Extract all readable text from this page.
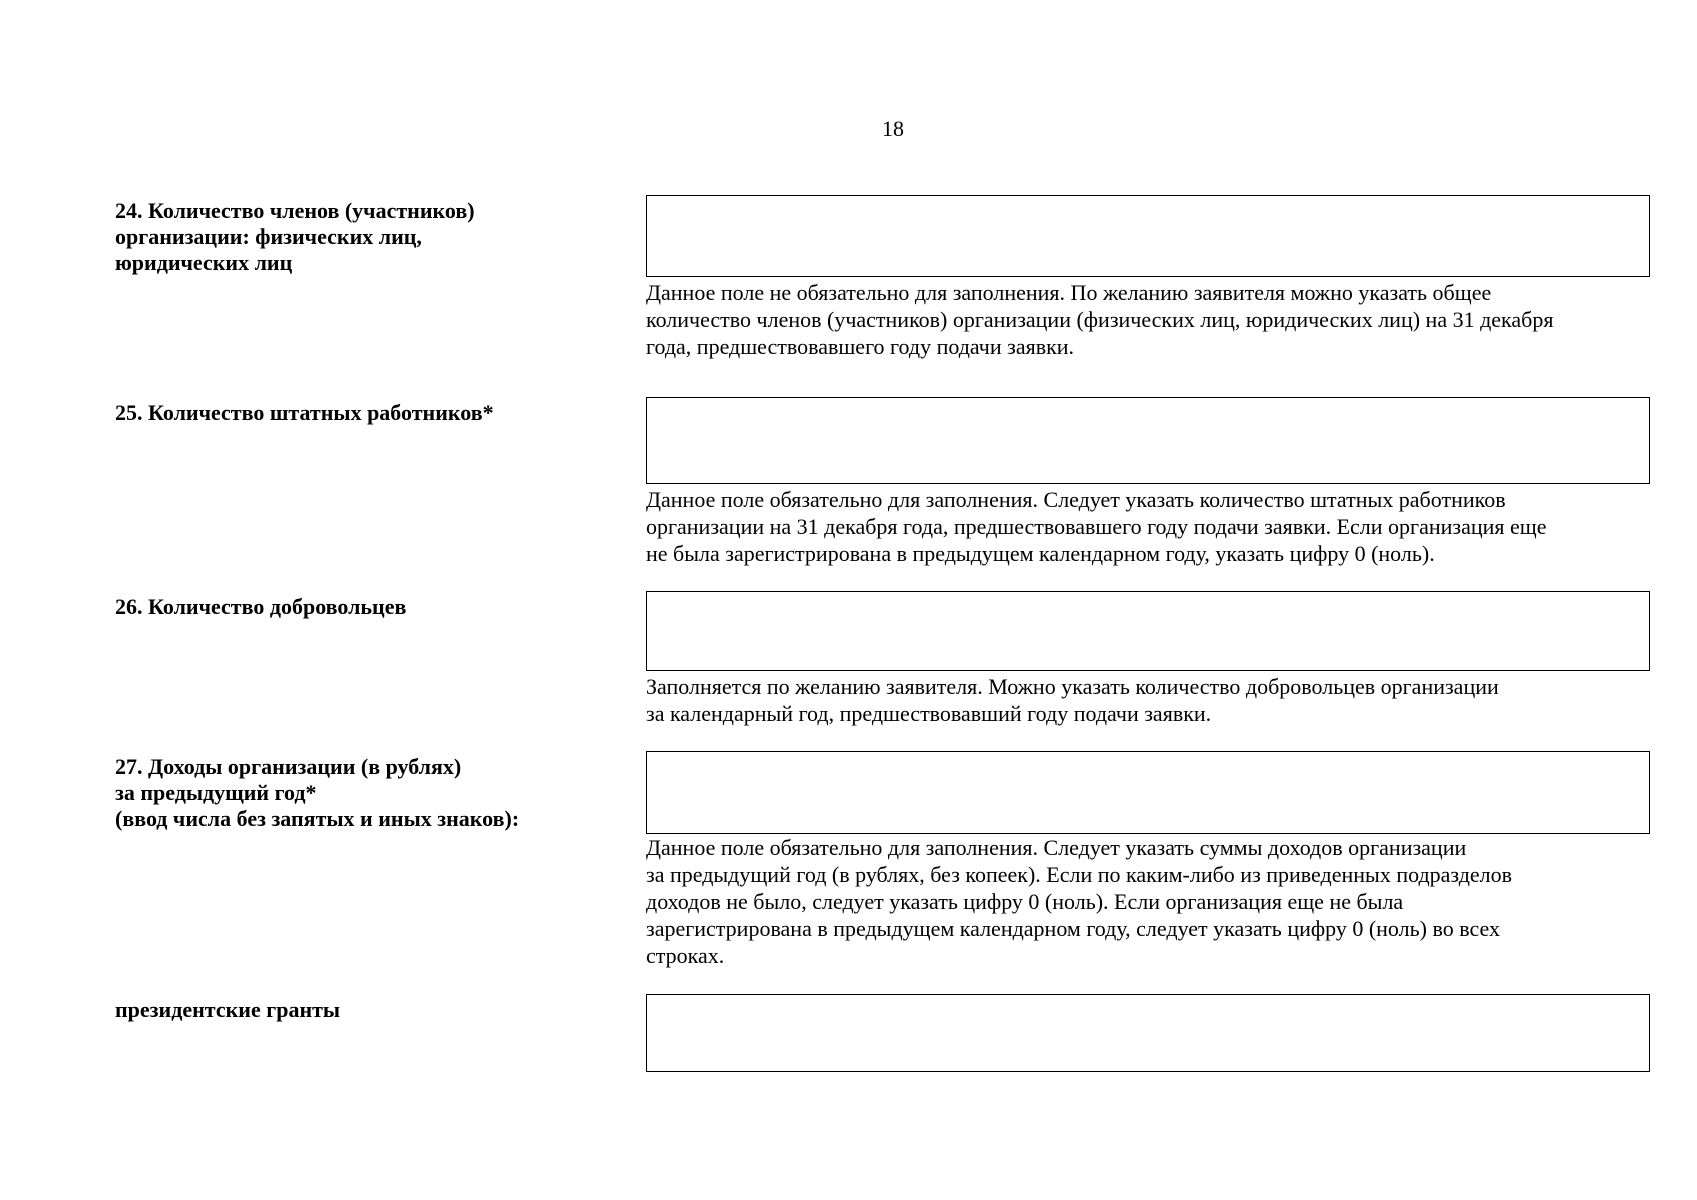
18
24. Количество членов (участников)
организации: физических лиц,
юридических лиц
Данное поле не обязательно для заполнения. По желанию заявителя можно указать общее
количество членов (участников) организации (физических лиц, юридических лиц) на 31 декабря
года, предшествовавшего году подачи заявки.
25. Количество штатных работников*
Данное поле обязательно для заполнения. Следует указать количество штатных работников
организации на 31 декабря года, предшествовавшего году подачи заявки. Если организация еще
не была зарегистрирована в предыдущем календарном году, указать цифру 0 (ноль).
26. Количество добровольцев
Заполняется по желанию заявителя. Можно указать количество добровольцев организации
за календарный год, предшествовавший году подачи заявки.
27. Доходы организации (в рублях)
за предыдущий год*
(ввод числа без запятых и иных знаков):
Данное поле обязательно для заполнения. Следует указать суммы доходов организации
за предыдущий год (в рублях, без копеек). Если по каким-либо из приведенных подразделов
доходов не было, следует указать цифру 0 (ноль). Если организация еще не была
зарегистрирована в предыдущем календарном году, следует указать цифру 0 (ноль) во всех
строках.
президентские гранты
